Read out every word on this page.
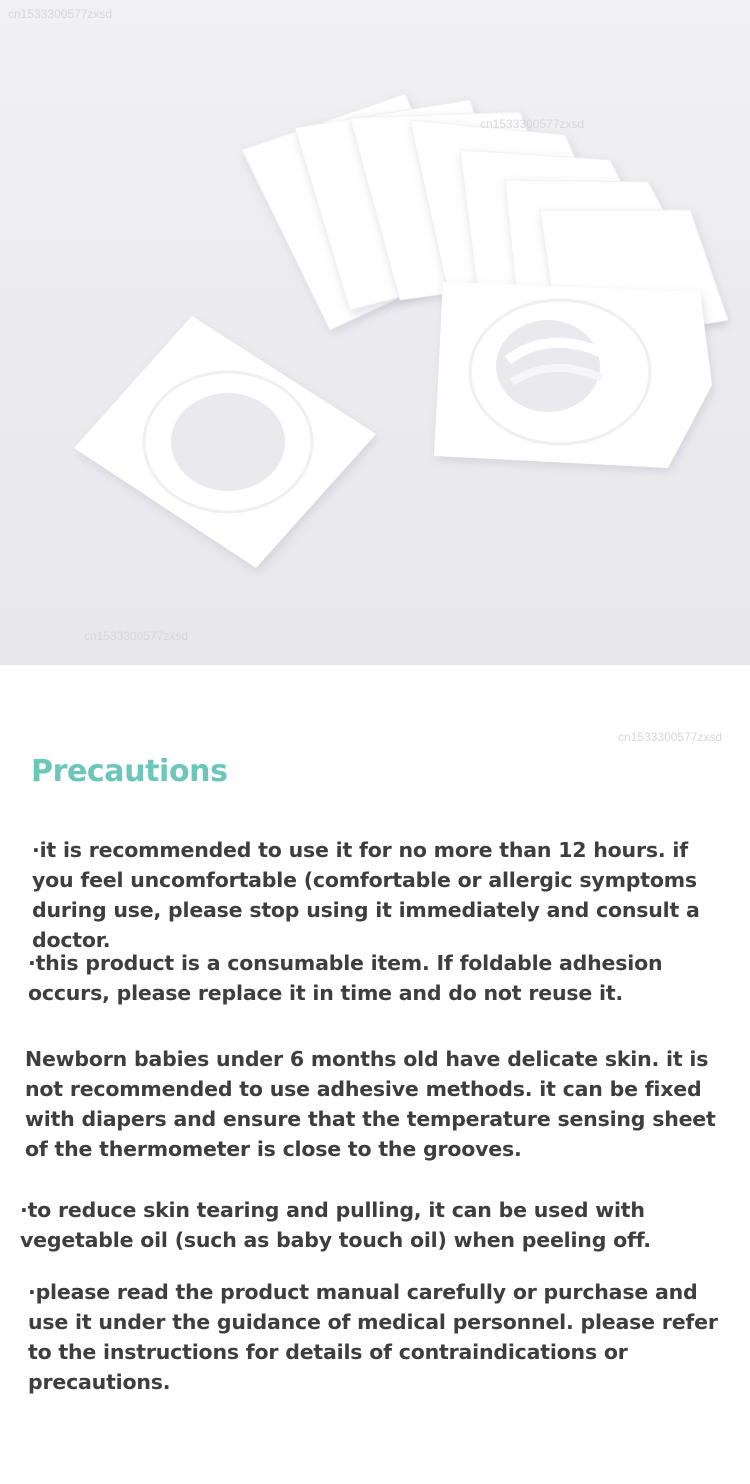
cn1533300577zxsd
cn1533300577zxsd
cn1533300577zxsd
cn1533300577zxsd
Precautions

·it is recommended to use it for no more than 12 hours. if you feel uncomfortable (comfortable or allergic symptoms during use, please stop using it immediately and consult a doctor.

·this product is a consumable item. If foldable adhesion occurs, please replace it in time and do not reuse it.

Newborn babies under 6 months old have delicate skin. it is not recommended to use adhesive methods. it can be fixed with diapers and ensure that the temperature sensing sheet of the thermometer is close to the grooves.

·to reduce skin tearing and pulling, it can be used with vegetable oil (such as baby touch oil) when peeling off.

·please read the product manual carefully or purchase and use it under the guidance of medical personnel. please refer to the instructions for details of contraindications or precautions.
